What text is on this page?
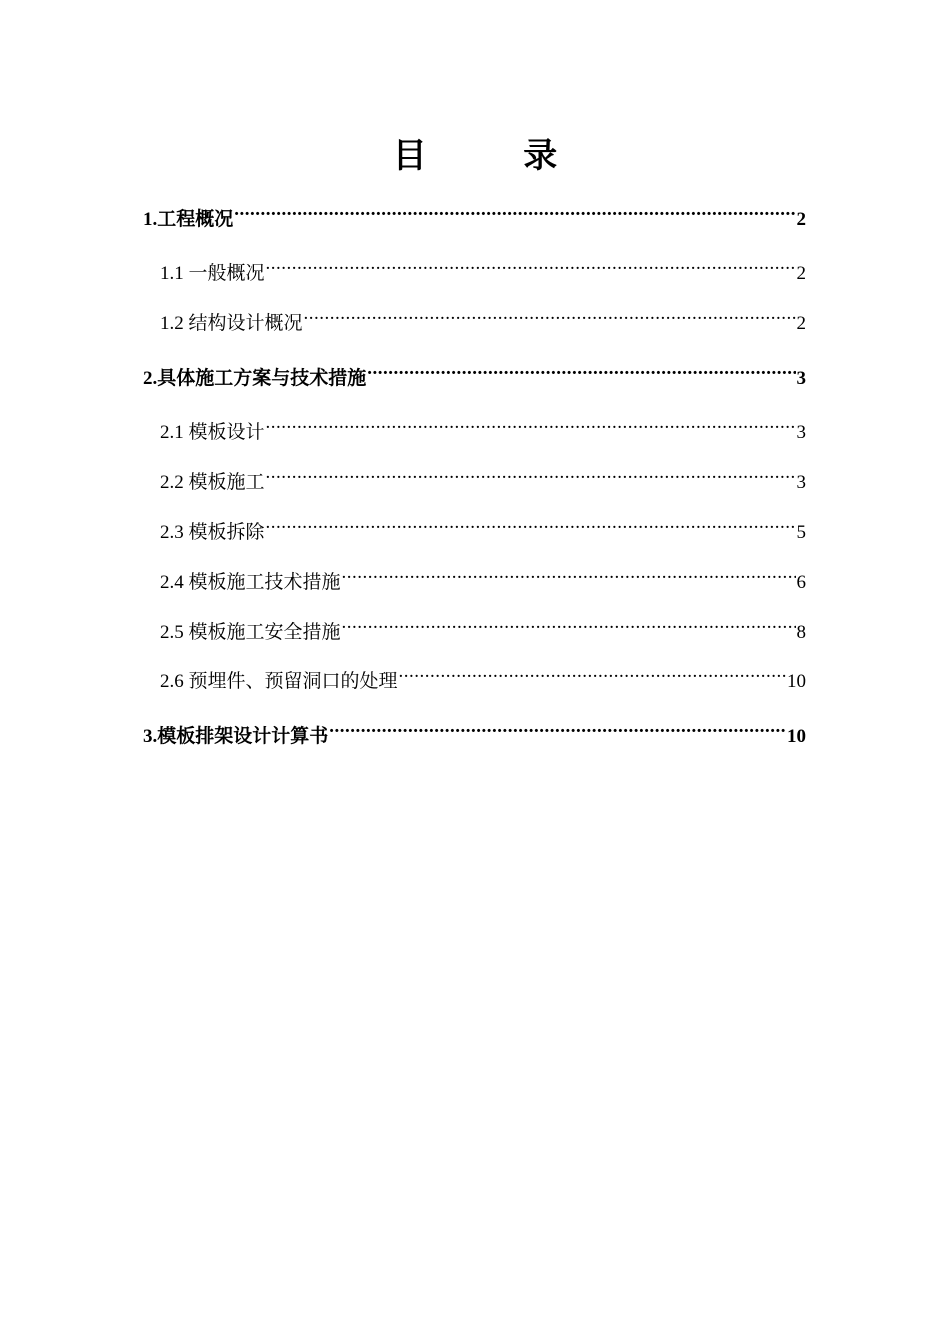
目 录
1.工程概况 .....	2
1.1 一般概况 .....	2
1.2 结构设计概况 .....	2
2.具体施工方案与技术措施 .....	3
2.1 模板设计 .....	3
2.2 模板施工 .....	3
2.3 模板拆除 .....	5
2.4 模板施工技术措施 .....	6
2.5 模板施工安全措施 .....	8
2.6 预埋件、预留洞口的处理 .....	10
3.模板排架设计计算书 .....	10
